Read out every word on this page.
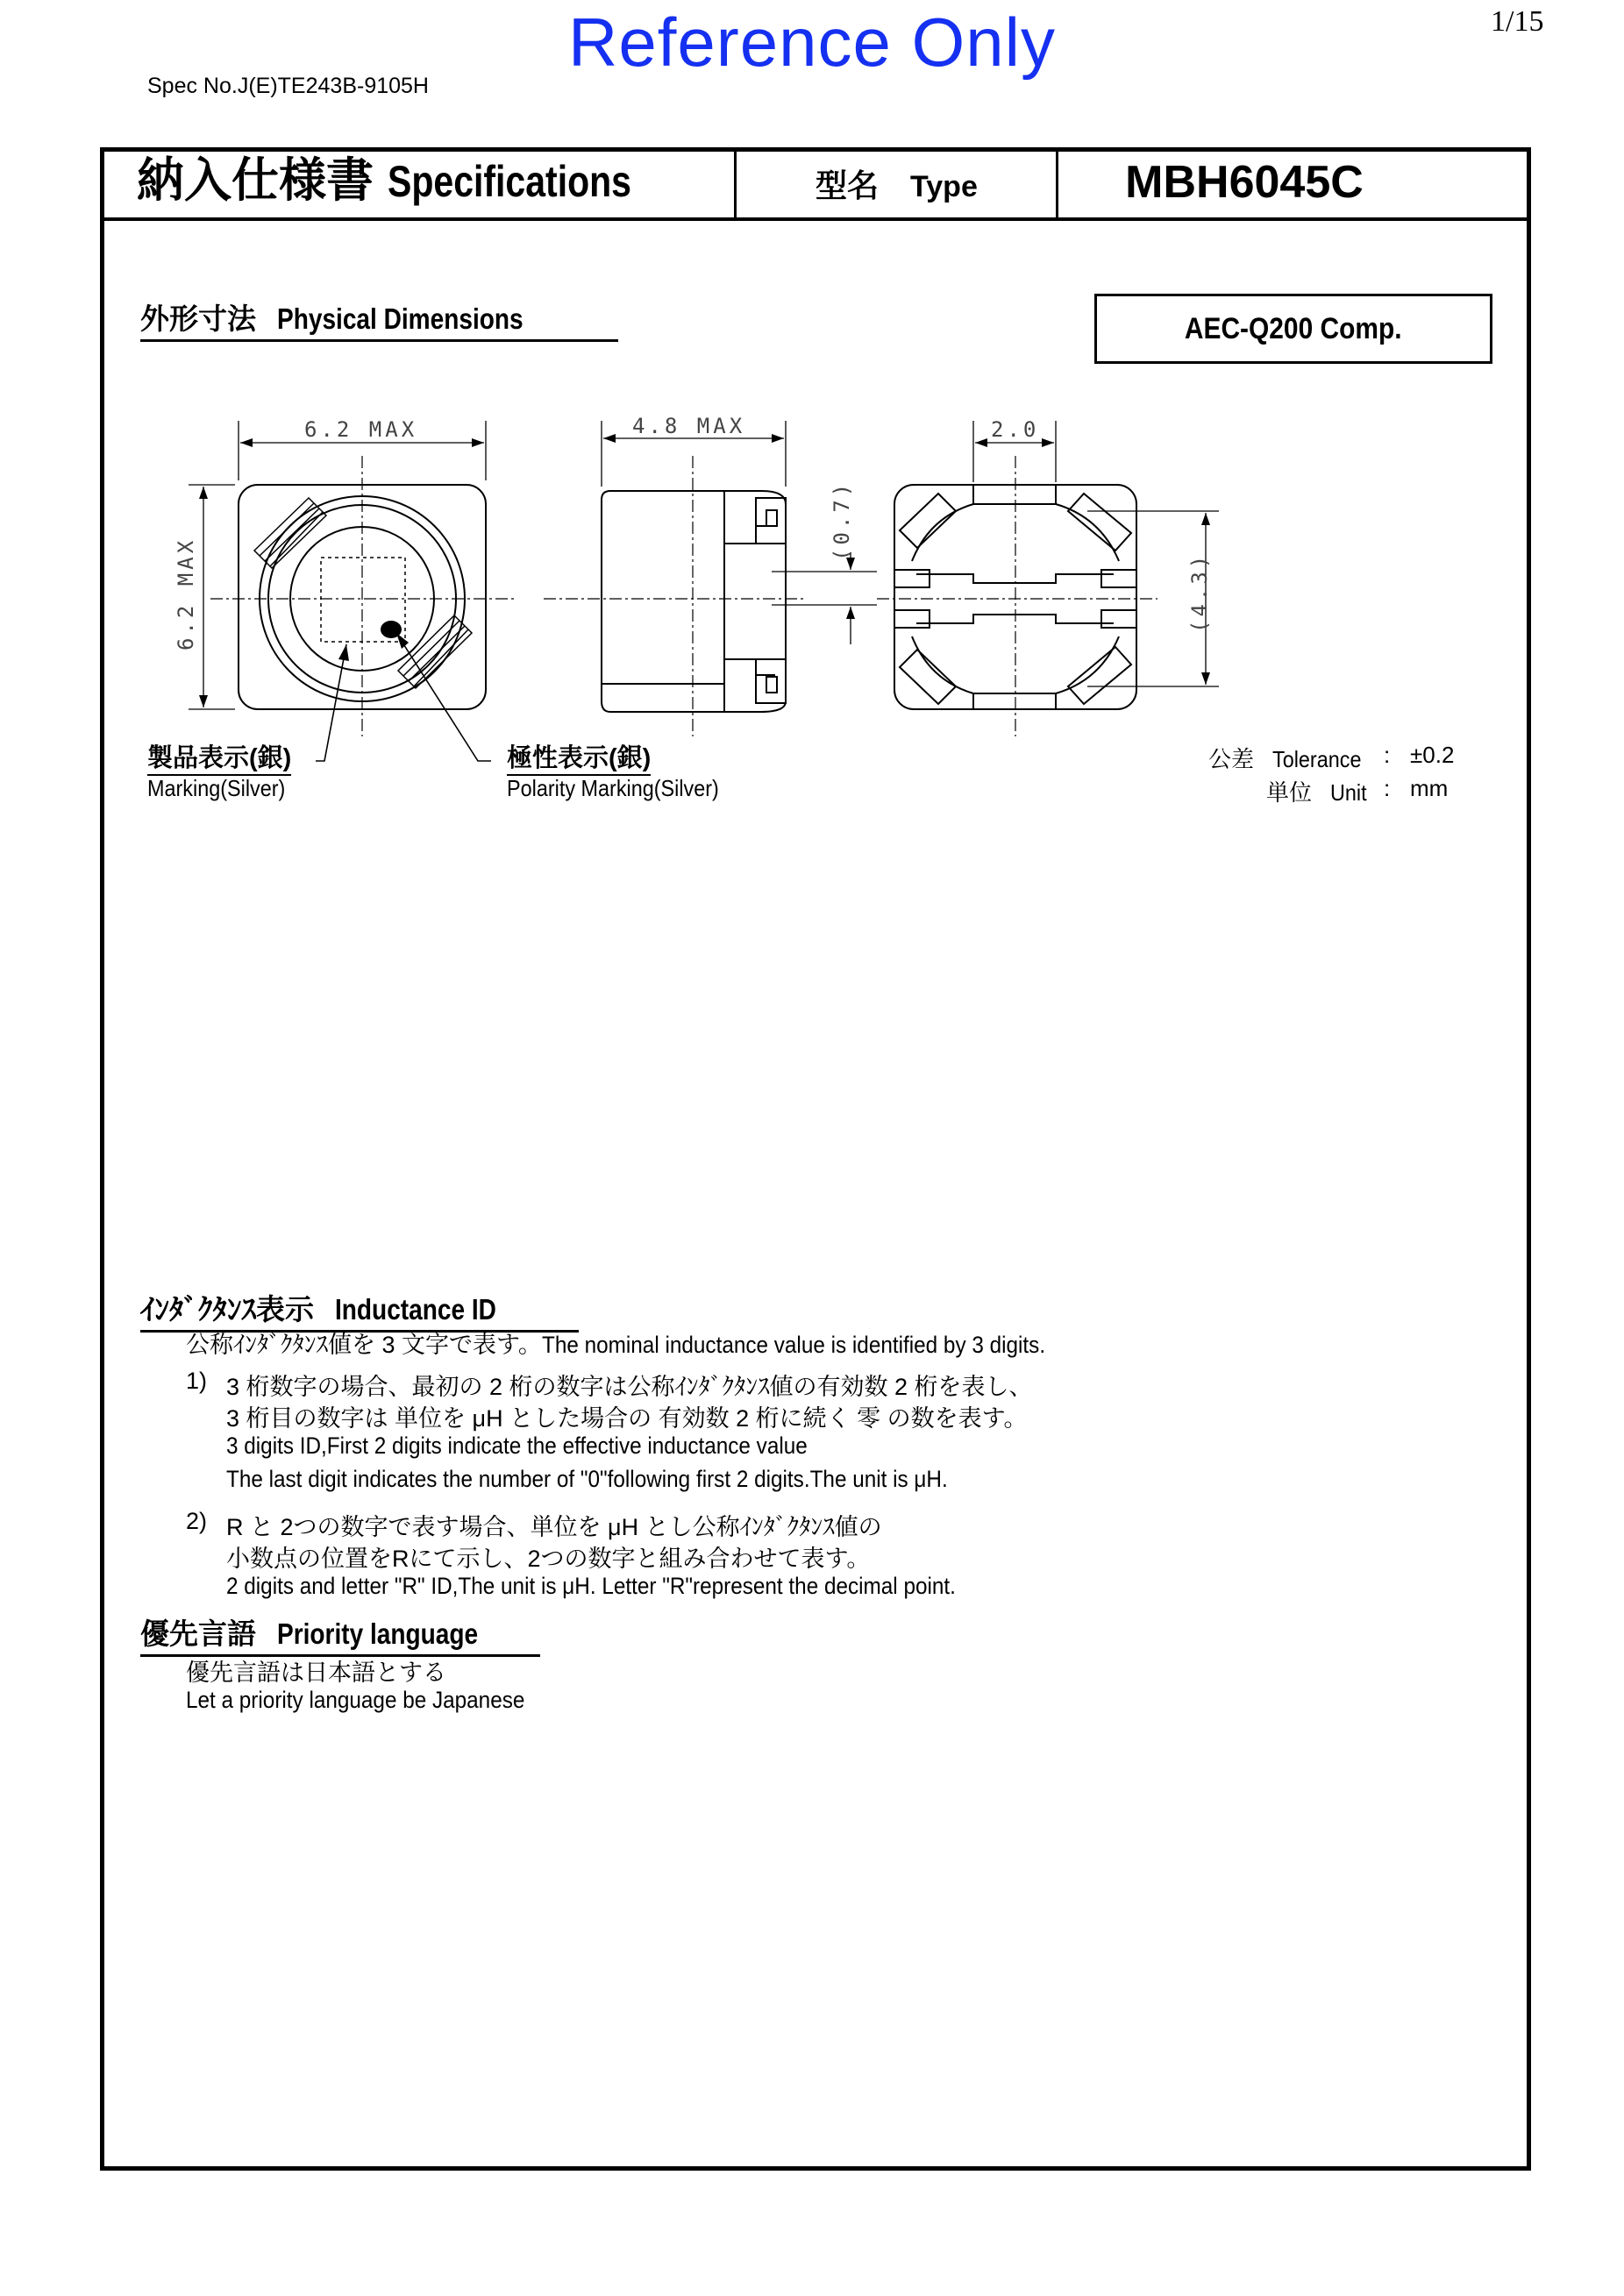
Reference Only	1/15
Spec No.J(E)TE243B-9105H
納入仕様書 Specifications	型名 Type	MBH6045C
外形寸法 Physical Dimensions	AEC-Q200 Comp.
6.2 MAX	4.8 MAX	2.0
6.2 MAX
(0.7)
(4.3)
製品表示(銀)
Marking(Silver)
極性表示(銀)
Polarity Marking(Silver)
公差 Tolerance : ±0.2
単位 Unit : mm
ｲﾝﾀﾞｸﾀﾝｽ表示 Inductance ID
公称ｲﾝﾀﾞｸﾀﾝｽ値を 3 文字で表す。The nominal inductance value is identified by 3 digits.
1) 3 桁数字の場合、最初の 2 桁の数字は公称ｲﾝﾀﾞｸﾀﾝｽ値の有効数 2 桁を表し、
3 桁目の数字は 単位を μH とした場合の 有効数 2 桁に続く 零 の数を表す。
3 digits ID,First 2 digits indicate the effective inductance value
The last digit indicates the number of "0"following first 2 digits.The unit is μH.
2) R と 2つの数字で表す場合、単位を μH とし公称ｲﾝﾀﾞｸﾀﾝｽ値の
小数点の位置をRにて示し、2つの数字と組み合わせて表す。
2 digits and letter "R" ID,The unit is μH. Letter "R"represent the decimal point.
優先言語 Priority language
優先言語は日本語とする
Let a priority language be Japanese
